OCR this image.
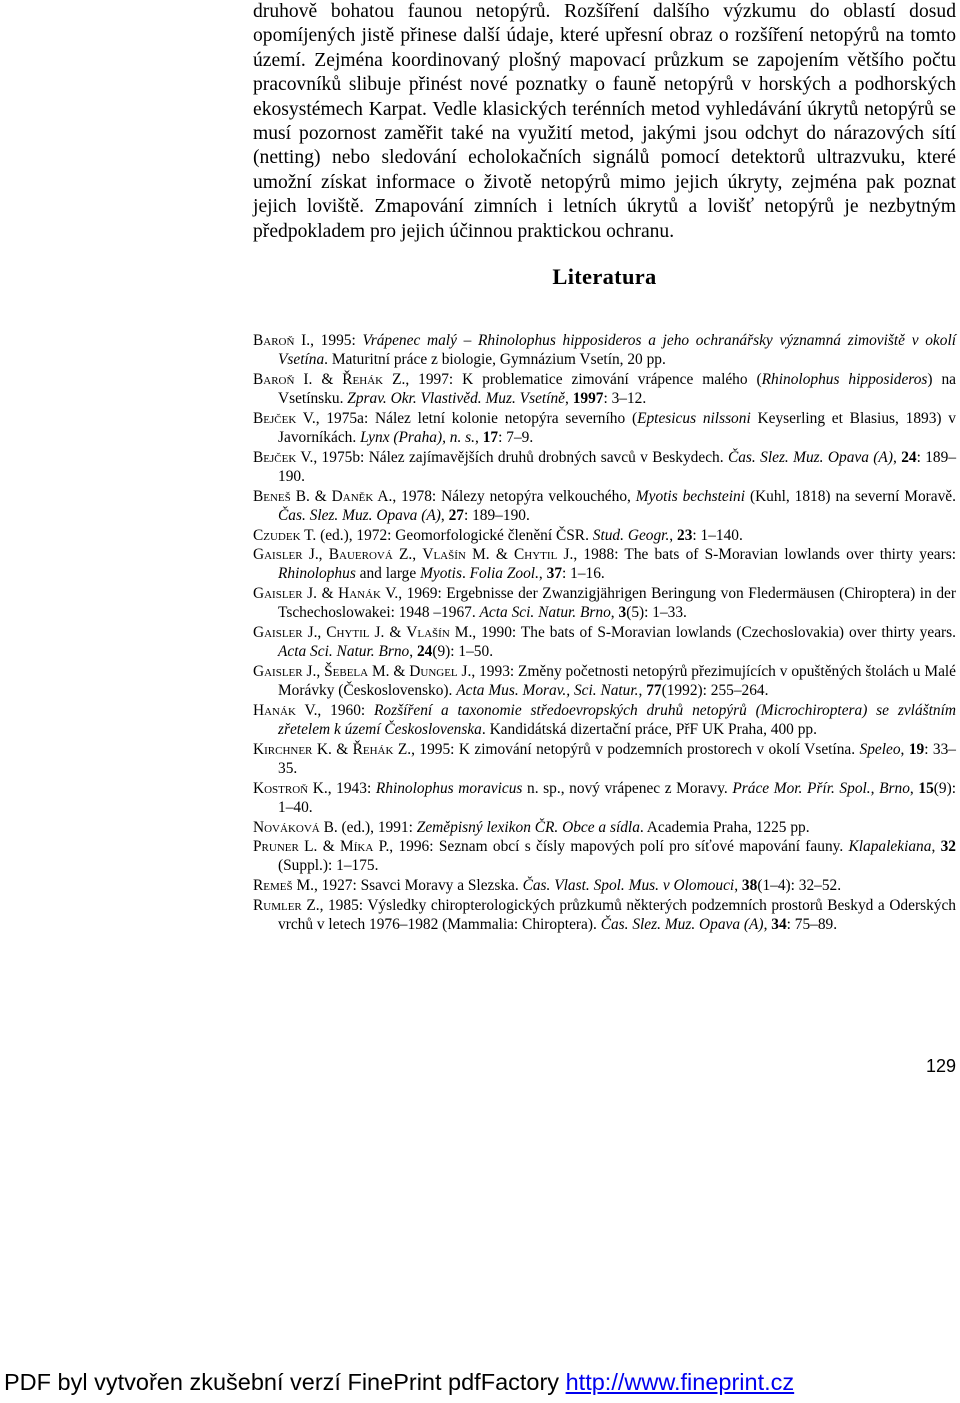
druhově bohatou faunou netopýrů. Rozšíření dalšího výzkumu do oblastí dosud opomíjených jistě přinese další údaje, které upřesní obraz o rozšíření netopýrů na tomto území. Zejména koordinovaný plošný mapovací průzkum se zapojením většího počtu pracovníků slibuje přinést nové poznatky o fauně netopýrů v horských a podhorských ekosystémech Karpat. Vedle klasických terénních metod vyhledávání úkrytů netopýrů se musí pozornost zaměřit také na využití metod, jakými jsou odchyt do nárazových sítí (netting) nebo sledování echolokačních signálů pomocí detektorů ultrazvuku, které umožní získat informace o životě netopýrů mimo jejich úkryty, zejména pak poznat jejich loviště. Zmapování zimních i letních úkrytů a lovišť netopýrů je nezbytným předpokladem pro jejich účinnou praktickou ochranu.

Literatura

Baroň I., 1995: Vrápenec malý – Rhinolophus hipposideros a jeho ochranářsky významná zimoviště v okolí Vsetína. Maturitní práce z biologie, Gymnázium Vsetín, 20 pp.

Baroň I. & Řehák Z., 1997: K problematice zimování vrápence malého (Rhinolophus hipposideros) na Vsetínsku. Zprav. Okr. Vlastivěd. Muz. Vsetíně, 1997: 3–12.

Bejček V., 1975a: Nález letní kolonie netopýra severního (Eptesicus nilssoni Keyserling et Blasius, 1893) v Javorníkách. Lynx (Praha), n. s., 17: 7–9.

Bejček V., 1975b: Nález zajímavějších druhů drobných savců v Beskydech. Čas. Slez. Muz. Opava (A), 24: 189–190.

Beneš B. & Daněk A., 1978: Nálezy netopýra velkouchého, Myotis bechsteini (Kuhl, 1818) na severní Moravě. Čas. Slez. Muz. Opava (A), 27: 189–190.

Czudek T. (ed.), 1972: Geomorfologické členění ČSR. Stud. Geogr., 23: 1–140.

Gaisler J., Bauerová Z., Vlašín M. & Chytil J., 1988: The bats of S-Moravian lowlands over thirty years: Rhinolophus and large Myotis. Folia Zool., 37: 1–16.

Gaisler J. & Hanák V., 1969: Ergebnisse der Zwanzigjährigen Beringung von Fledermäusen (Chiroptera) in der Tschechoslowakei: 1948 –1967. Acta Sci. Natur. Brno, 3(5): 1–33.

Gaisler J., Chytil J. & Vlašín M., 1990: The bats of S-Moravian lowlands (Czechoslovakia) over thirty years. Acta Sci. Natur. Brno, 24(9): 1–50.

Gaisler J., Šebela M. & Dungel J., 1993: Změny početnosti netopýrů přezimujících v opuštěných štolách u Malé Morávky (Československo). Acta Mus. Morav., Sci. Natur., 77(1992): 255–264.

Hanák V., 1960: Rozšíření a taxonomie středoevropských druhů netopýrů (Microchiroptera) se zvláštním zřetelem k území Československa. Kandidátská dizertační práce, PřF UK Praha, 400 pp.

Kirchner K. & Řehák Z., 1995: K zimování netopýrů v podzemních prostorech v okolí Vsetína. Speleo, 19: 33–35.

Kostroň K., 1943: Rhinolophus moravicus n. sp., nový vrápenec z Moravy. Práce Mor. Přír. Spol., Brno, 15(9): 1–40.

Nováková B. (ed.), 1991: Zeměpisný lexikon ČR. Obce a sídla. Academia Praha, 1225 pp.

Pruner L. & Míka P., 1996: Seznam obcí s čísly mapových polí pro síťové mapování fauny. Klapalekiana, 32 (Suppl.): 1–175.

Remeš M., 1927: Ssavci Moravy a Slezska. Čas. Vlast. Spol. Mus. v Olomouci, 38(1–4): 32–52.

Rumler Z., 1985: Výsledky chiropterologických průzkumů některých podzemních prostorů Beskyd a Oderských vrchů v letech 1976–1982 (Mammalia: Chiroptera). Čas. Slez. Muz. Opava (A), 34: 75–89.

129
PDF byl vytvořen zkušební verzí FinePrint pdfFactory http://www.fineprint.cz
